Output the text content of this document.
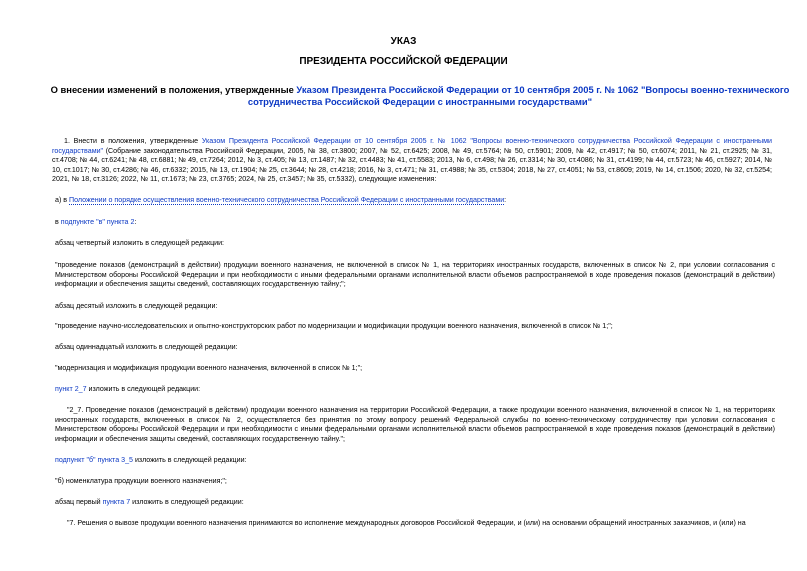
УКАЗ
ПРЕЗИДЕНТА РОССИЙСКОЙ ФЕДЕРАЦИИ
О внесении изменений в положения, утвержденные Указом Президента Российской Федерации от 10 сентября 2005 г. № 1062 "Вопросы военно-технического сотрудничества Российской Федерации с иностранными государствами"
1. Внести в положения, утвержденные Указом Президента Российской Федерации от 10 сентября 2005 г. № 1062 "Вопросы военно-технического сотрудничества Российской Федерации с иностранными государствами" (Собрание законодательства Российской Федерации, 2005, № 38, ст.3800; 2007, № 52, ст.6425; 2008, № 49, ст.5764; № 50, ст.5901; 2009, № 42, ст.4917; № 50, ст.6074; 2011, № 21, ст.2925; № 31, ст.4708; № 44, ст.6241; № 48, ст.6881; № 49, ст.7264; 2012, № 3, ст.405; № 13, ст.1487; № 32, ст.4483; № 41, ст.5583; 2013, № 6, ст.498; № 26, ст.3314; № 30, ст.4086; № 31, ст.4199; № 44, ст.5723; № 46, ст.5927; 2014, № 10, ст.1017; № 30, ст.4286; № 46, ст.6332; 2015, № 13, ст.1904; № 25, ст.3644; № 28, ст.4218; 2016, № 3, ст.471; № 31, ст.4988; № 35, ст.5304; 2018, № 27, ст.4051; № 53, ст.8609; 2019, № 14, ст.1506; 2020, № 32, ст.5254; 2021, № 18, ст.3126; 2022, № 11, ст.1673; № 23, ст.3765; 2024, № 25, ст.3457; № 35, ст.5332), следующие изменения:
а) в Положении о порядке осуществления военно-технического сотрудничества Российской Федерации с иностранными государствами:
в подпункте "в" пункта 2:
абзац четвертый изложить в следующей редакции:
"проведение показов (демонстраций в действии) продукции военного назначения, не включенной в список № 1, на территориях иностранных государств, включенных в список № 2, при условии согласования с Министерством обороны Российской Федерации и при необходимости с иными федеральными органами исполнительной власти объемов распространяемой в ходе проведения показов (демонстраций в действии) информации и обеспечения защиты сведений, составляющих государственную тайну;";
абзац десятый изложить в следующей редакции:
"проведение научно-исследовательских и опытно-конструкторских работ по модернизации и модификации продукции военного назначения, включенной в список № 1;";
абзац одиннадцатый изложить в следующей редакции:
"модернизация и модификация продукции военного назначения, включенной в список № 1;";
пункт 2_7 изложить в следующей редакции:
"2_7. Проведение показов (демонстраций в действии) продукции военного назначения на территории Российской Федерации, а также продукции военного назначения, включенной в список № 1, на территориях иностранных государств, включенных в список № 2, осуществляется без принятия по этому вопросу решений Федеральной службы по военно-техническому сотрудничеству при условии согласования с Министерством обороны Российской Федерации и при необходимости с иными федеральными органами исполнительной власти объемов распространяемой в ходе проведения показов (демонстраций в действии) информации и обеспечения защиты сведений, составляющих государственную тайну.";
подпункт "б" пункта 3_5 изложить в следующей редакции:
"б) номенклатура продукции военного назначения;";
абзац первый пункта 7 изложить в следующей редакции:
"7. Решения о вывозе продукции военного назначения принимаются во исполнение международных договоров Российской Федерации, и (или) на основании обращений иностранных заказчиков, и (или) на
